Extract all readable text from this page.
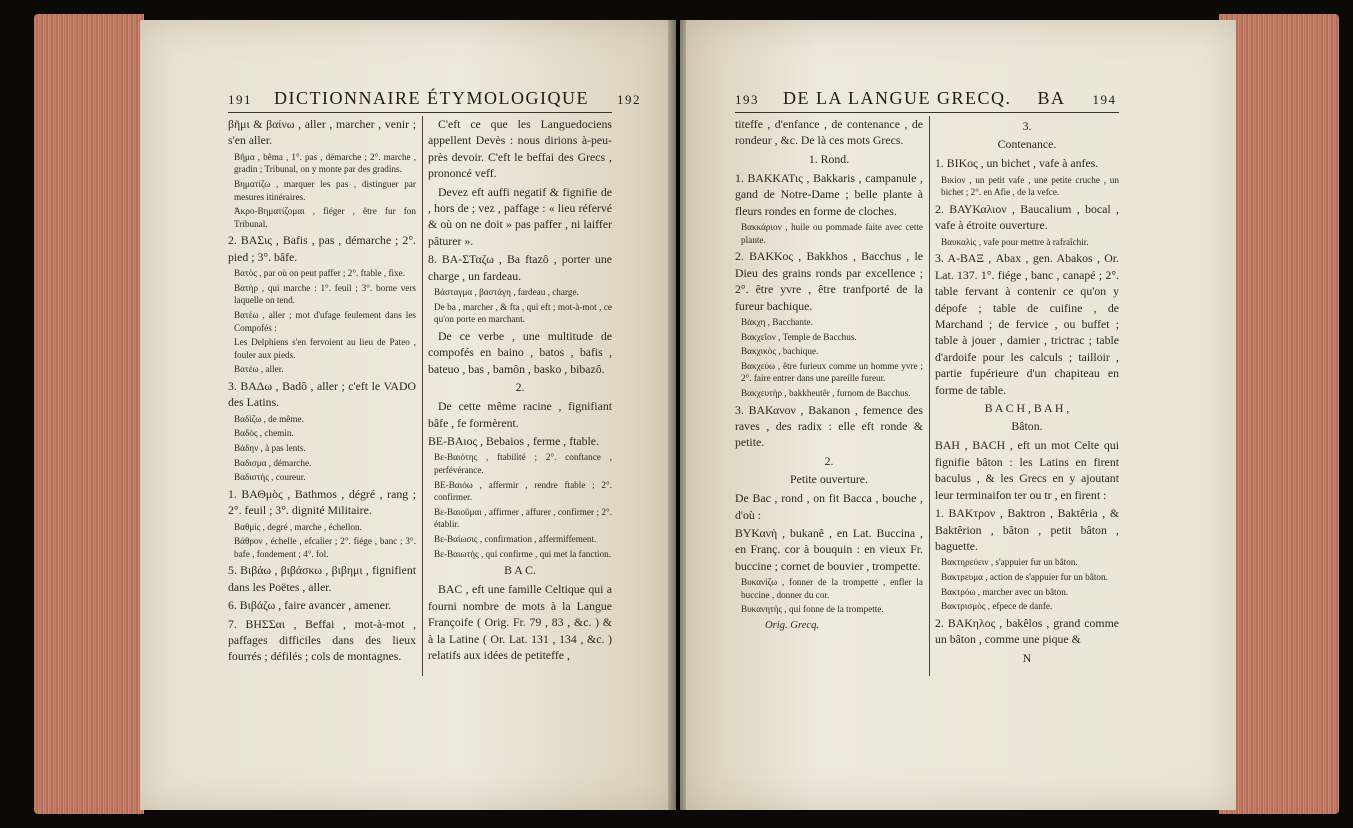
191 DICTIONNAIRE ÉTYMOLOGIQUE 192	193 DE LA LANGUE GRECQ. BA 194
βῆμι & βαίνω , aller , marcher , venir ; s'en aller.
Βῆμα , bêma , 1°. pas , démarche ; 2°. marche , gradin ; Tribunal, on y monte par des gradins.
Βηματίζω , marquer les pas , distinguer par mesures itinéraires.
Ἀκρο-Βηματίζομαι , fiéger , être fur fon Tribunal.
2. ΒΑΣις , Bafis , pas , démarche ; 2°. pied ; 3°. bâfe.
Βατὸς , par où on peut paffer ; 2°. ftable , fixe.
Βατὴρ , qui marche : 1°. feuil ; 3°. borne vers laquelle on tend.
Βατέω , aller ; mot d'ufage feulement dans les Compofés :
Les Delphiens s'en fervoient au lieu de Pateo , fouler aux pieds.
Βατέω , aller.
3. ΒΑΔω , Badô , aller ; c'eft le VADO des Latins.
Βαδίζω , de même.
Βαδὸς , chemin.
Βάδην , à pas lents.
Βαδισμα , démarche.
Βαδιστὴς , coureur.
1. ΒΑΘμὸς , Bathmos , dégré , rang ; 2°. feuil ; 3°. dignité Militaire.
Βαθμὶς , degré , marche , échellon.
Βάθρον , échelle , efcalier ; 2°. fiége , banc ; 3°. bafe , fondement ; 4°. fol.
5. Βιβάω , βιβάσκω , βιβημι , fignifient dans les Poëtes , aller.
6. Βιβάζω , faire avancer , amener.
7. ΒΗΣΣαι , Beffai , mot-à-mot , paffages difficiles dans des lieux fourrés ; défilés ; cols de montagnes.
C'eft ce que les Languedociens appellent Devès : nous dirions à-peu-près devoir. C'eft le beffai des Grecs , prononcé veff.
Devez eft auffi negatif & fignifie de , hors de ; vez , paffage : « lieu réfervé & où on ne doit » pas paffer , ni laiffer pâturer ».
8. ΒΑ-ΣΤαζω , Ba ftazô , porter une charge , un fardeau.
Βάσταγμα , βαστάγη , fardeau , charge.
De ba , marcher , & fta , qui eft ; mot-à-mot , ce qu'on porte en marchant.
De ce verbe , une multitude de compofés en baino , batos , bafis , bateuo , bas , bamôn , basko , bibazô.
2.
De cette même racine , fignifiant bâfe , fe formèrent.
ΒΕ-ΒΑιος , Bebaios , ferme , ftable.
Βε-Βαιότης , ftabilité ; 2°. conftance , perfévérance.
ΒΕ-Βαιόω , affermir , rendre ftable ; 2°. confirmer.
Βε-Βαιοῦμαι , affirmer , affurer , confirmer ; 2°. établir.
Βε-Βαίωσις , confirmation , affermiffement.
Βε-Βαιωτὴς , qui confirme , qui met la fanction.
B A C.
BAC , eft une famille Celtique qui a fourni nombre de mots à la Langue Françoife ( Orig. Fr. 79 , 83 , &c. ) & à la Latine ( Or. Lat. 131 , 134 , &c. ) relatifs aux idées de petiteffe ,
titeffe , d'enfance , de contenance , de rondeur , &c. De là ces mots Grecs.
1. Rond.
1. ΒΑΚΚΑΤις , Bakkaris , campanule , gand de Notre-Dame ; belle plante à fleurs rondes en forme de cloches.
Βακκάριον , huile ou pommade faite avec cette plante.
2. ΒΑΚΚος , Bakkhos , Bacchus , le Dieu des grains ronds par excellence ; 2°. être yvre , être tranfporté de la fureur bachique.
Βάκχη , Bacchante.
Βακχεῖον , Temple de Bacchus.
Βακχικὸς , bachique.
Βακχεύω , être furieux comme un homme yvre ; 2°. faire entrer dans une pareille fureur.
Βακχευτὴρ , bakkheutêr , furnom de Bacchus.
3. ΒΑΚανον , Bakanon , femence des raves , des radix : elle eft ronde & petite.
2.
Petite ouverture.
De Bac , rond , on fit Bacca , bouche , d'où :
ΒΥΚανὴ , bukanê , en Lat. Buccina , en Franç. cor à bouquin : en vieux Fr. buccine ; cornet de bouvier , trompette.
Βυκανίζω , fonner de la trompette , enfler la buccine , donner du cor.
Βυκανητὴς , qui fonne de la trompette.
Orig. Grecq.
3.
Contenance.
1. ΒΙΚος , un bichet , vafe à anfes.
Βικίον , un petit vafe , une petite cruche , un bichet ; 2°. en Afie , de la vefce.
2. ΒΑΥΚαλιον , Baucalium , bocal , vafe à étroite ouverture.
Βαυκαλὶς , vafe pour mettre à rafraîchir.
3. Α-ΒΑΞ , Abax , gen. Abakos , Or. Lat. 137. 1°. fiége , banc , canapé ; 2°. table fervant à contenir ce qu'on y dépofe ; table de cuifine , de Marchand ; de fervice , ou buffet ; table à jouer , damier , trictrac ; table d'ardoife pour les calculs ; tailloir , partie fupérieure d'un chapiteau en forme de table.
B A C H , B A H ,
Bâton.
BAH , BACH , eft un mot Celte qui fignifie bâton : les Latins en firent baculus , & les Grecs en y ajoutant leur terminaifon ter ou tr , en firent :
1. ΒΑΚτρον , Baktron , Baktêria , & Baktêrion , bâton , petit bâton , baguette.
Βακτηρεύειν , s'appuier fur un bâton.
Βακτρευμα , action de s'appuier fur un bâton.
Βακτρόω , marcher avec un bâton.
Βακτρισμὸς , efpece de danfe.
2. ΒΑΚηλος , bakêlos , grand comme un bâton , comme une pique &
N
